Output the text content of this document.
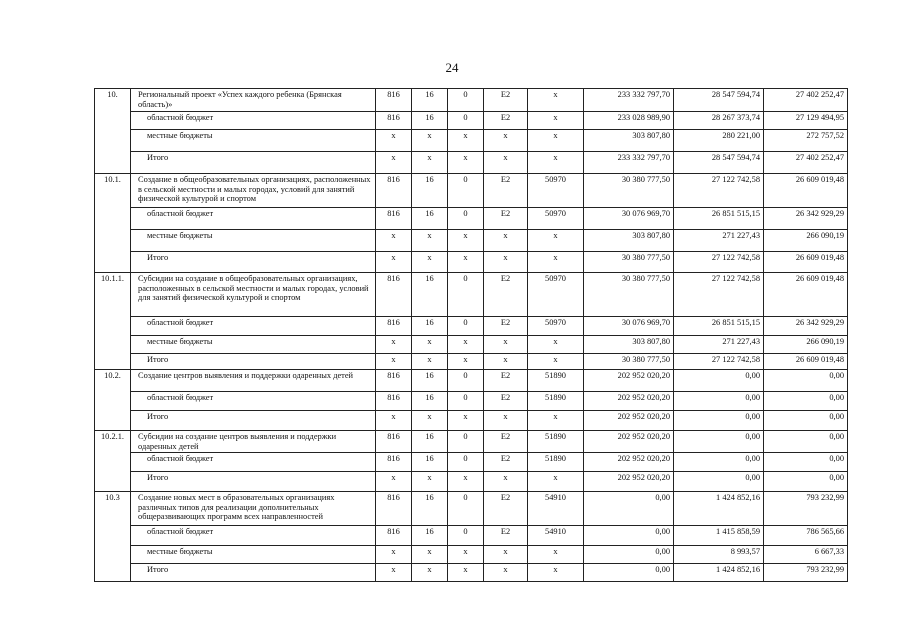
24
10.	Региональный проект «Успех каждого ребенка (Брянская область)»	816	16	0	E2	x	233 332 797,70	28 547 594,74	27 402 252,47
	областной бюджет	816	16	0	E2	x	233 028 989,90	28 267 373,74	27 129 494,95
	местные бюджеты	x	x	x	x	x	303 807,80	280 221,00	272 757,52
	Итого	x	x	x	x	x	233 332 797,70	28 547 594,74	27 402 252,47
10.1.	Создание в общеобразовательных организациях, расположенных в сельской местности и малых городах, условий для занятий физической культурой и спортом	816	16	0	E2	50970	30 380 777,50	27 122 742,58	26 609 019,48
	областной бюджет	816	16	0	E2	50970	30 076 969,70	26 851 515,15	26 342 929,29
	местные бюджеты	x	x	x	x	x	303 807,80	271 227,43	266 090,19
	Итого	x	x	x	x	x	30 380 777,50	27 122 742,58	26 609 019,48
10.1.1.	Субсидии на создание в общеобразовательных организациях, расположенных в сельской местности и малых городах, условий для занятий физической культурой и спортом	816	16	0	E2	50970	30 380 777,50	27 122 742,58	26 609 019,48
	областной бюджет	816	16	0	E2	50970	30 076 969,70	26 851 515,15	26 342 929,29
	местные бюджеты	x	x	x	x	x	303 807,80	271 227,43	266 090,19
	Итого	x	x	x	x	x	30 380 777,50	27 122 742,58	26 609 019,48
10.2.	Создание центров выявления и поддержки одаренных детей	816	16	0	E2	51890	202 952 020,20	0,00	0,00
	областной бюджет	816	16	0	E2	51890	202 952 020,20	0,00	0,00
	Итого	x	x	x	x	x	202 952 020,20	0,00	0,00
10.2.1.	Субсидии на создание центров выявления и поддержки одаренных детей	816	16	0	E2	51890	202 952 020,20	0,00	0,00
	областной бюджет	816	16	0	E2	51890	202 952 020,20	0,00	0,00
	Итого	x	x	x	x	x	202 952 020,20	0,00	0,00
10.3	Создание новых мест в образовательных организациях различных типов для реализации дополнительных общеразвивающих программ всех направленностей	816	16	0	E2	54910	0,00	1 424 852,16	793 232,99
	областной бюджет	816	16	0	E2	54910	0,00	1 415 858,59	786 565,66
	местные бюджеты	x	x	x	x	x	0,00	8 993,57	6 667,33
	Итого	x	x	x	x	x	0,00	1 424 852,16	793 232,99
